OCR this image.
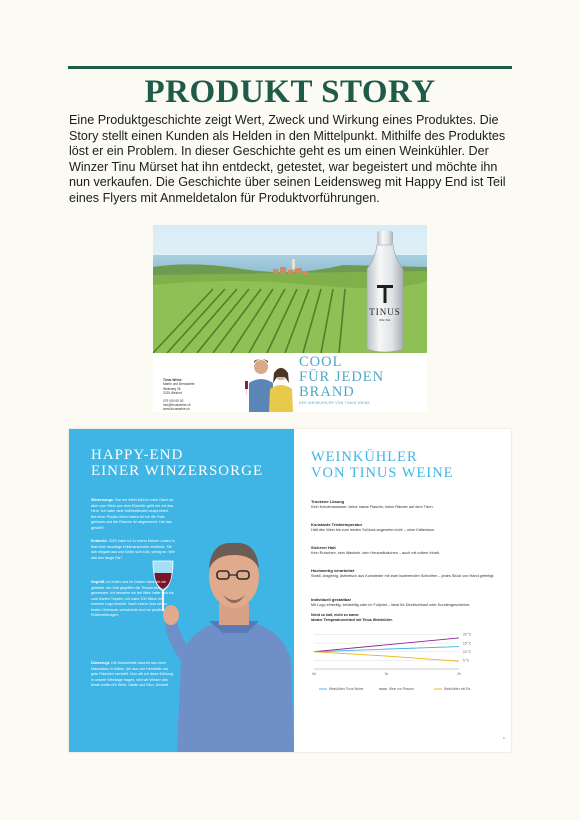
PRODUKT STORY

Eine Produktgeschichte zeigt Wert, Zweck und Wirkung eines Produktes. Die Story stellt einen Kunden als Helden in den Mittelpunkt. Mithilfe des Produktes löst er ein Problem. In dieser Geschichte geht es um einen Weinkühler. Der Winzer Tinu Mürset hat ihn entdeckt, getestet, war begeistert und möchte ihn nun verkaufen. Die Geschichte über seinen Leidensweg mit Happy End ist Teil eines Flyers mit Anmeldetalon für Produktvorführungen.

TINUS
WEINE
Tinus Weine
Martin und Bernadette
Weinweg 36
3215 Weinort
079 000 00 00
info@tinusweine.ch
www.tinusweine.ch
COOL
FÜR JEDEN
BRAND
DER WEINKÜHLER VON TINUS WEINE
HAPPY-END
EINER WINZERSORGE

Winzersorge. Nur mir Wein kühl im mein Dach ist, aber vom Wein aus dem Eiskeller geht mir mit das Herz. Ich habe viele Kühlmethoden ausprobiert. Bei einer Proalin-Wein haben ist mir die Folie gerissen und die Flasche ist abgerutscht. Hat das gestört?

Entdeckt. 2020 habe ich in einem kleinen Laden in Bad eine neuartige Kühlmanschette entdeckt. Sie sah elegant aus und fühlte sich kühl, wenig an. Wie das den lange Eis?

Geprüft. Im Keller und im Garten habe ich sie getestet. Am Halt gegriffen die Temperatur gemessen. Ich bewahre sie bei Wein halte sich bis zum letzten Tropfen, ich habe 100 Stück mit meinem Logo bestellt. Nach einem Jahr schon ersten Gebrauch verschenkt und nur positive Rückmeldungen.

Überzeugt. Die Manschette stammt aus einer Manufaktur in Italien, die aus vier Hersteller nur gute Flaschen herstellt. Nun will ich diese Kühlung in unsere Weintage tragen, weil wir Winzer das beste wollen für Wein, Gäste und Sinn, Umwelt.

WEINKÜHLER
VON TINUS WEINE
Trockene Lösung
Kein Kondenswasser, keine nasse Flasche, keine Ränder auf dem Tisch.
Konstante Trinktemperatur
Hält den Wein bis zum letzten Schluck angenehm kühl – ohne Kältestoss.
Sicherer Halt
Kein Rutschen, kein Wackeln, kein Herausflutschen – auch mit vollem Inhalt.
Hochwertig verarbeitet
Stabil, langlebig, ästhetisch aus Kunstleder mit zwei isolierenden Schichten – jedes Stück von Hand gefertigt.
Individuell gestaltbar
Mit Logo einseitig, beidseitig oder im Fullprint – ideal für Direktverkauf oder Kundengeschenke.
Nicht zu kalt, nicht zu warm:
idealer Temperaturverlauf mit Tinus Weinkühler.
20 °C
15 °C
10 °C
5 °C
0h	1h	2h
Weinkühler Tinus Weine	Wein nur Flasche	Weinkühler mit Eis
9
